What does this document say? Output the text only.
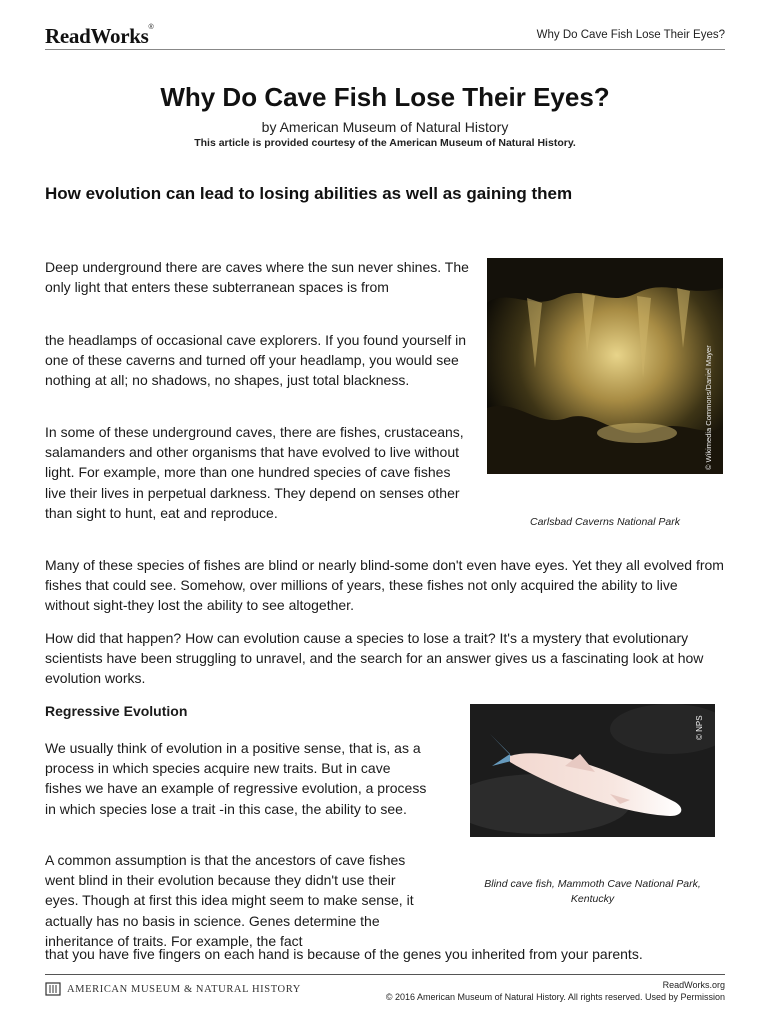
ReadWorks®
Why Do Cave Fish Lose Their Eyes?
Why Do Cave Fish Lose Their Eyes?
by American Museum of Natural History
This article is provided courtesy of the American Museum of Natural History.
How evolution can lead to losing abilities as well as gaining them
Deep underground there are caves where the sun never shines. The only light that enters these subterranean spaces is from
the headlamps of occasional cave explorers. If you found yourself in one of these caverns and turned off your headlamp, you would see nothing at all; no shadows, no shapes, just total blackness.
In some of these underground caves, there are fishes, crustaceans, salamanders and other organisms that have evolved to live without light. For example, more than one hundred species of cave fishes live their lives in perpetual darkness. They depend on senses other than sight to hunt, eat and reproduce.
© Wikimedia Commons/Daniel Mayer
Carlsbad Caverns National Park
Many of these species of fishes are blind or nearly blind-some don't even have eyes. Yet they all evolved from fishes that could see. Somehow, over millions of years, these fishes not only acquired the ability to live without sight-they lost the ability to see altogether.
How did that happen? How can evolution cause a species to lose a trait? It's a mystery that evolutionary scientists have been struggling to unravel, and the search for an answer gives us a fascinating look at how evolution works.
Regressive Evolution
We usually think of evolution in a positive sense, that is, as a process in which species acquire new traits. But in cave fishes we have an example of regressive evolution, a process in which species lose a trait -in this case, the ability to see.
© NPS
Blind cave fish, Mammoth Cave National Park, Kentucky
A common assumption is that the ancestors of cave fishes went blind in their evolution because they didn't use their eyes. Though at first this idea might seem to make sense, it actually has no basis in science. Genes determine the inheritance of traits. For example, the fact
that you have five fingers on each hand is because of the genes you inherited from your parents.
AMERICAN MUSEUM & NATURAL HISTORY	ReadWorks.org
© 2016 American Museum of Natural History. All rights reserved. Used by Permission
